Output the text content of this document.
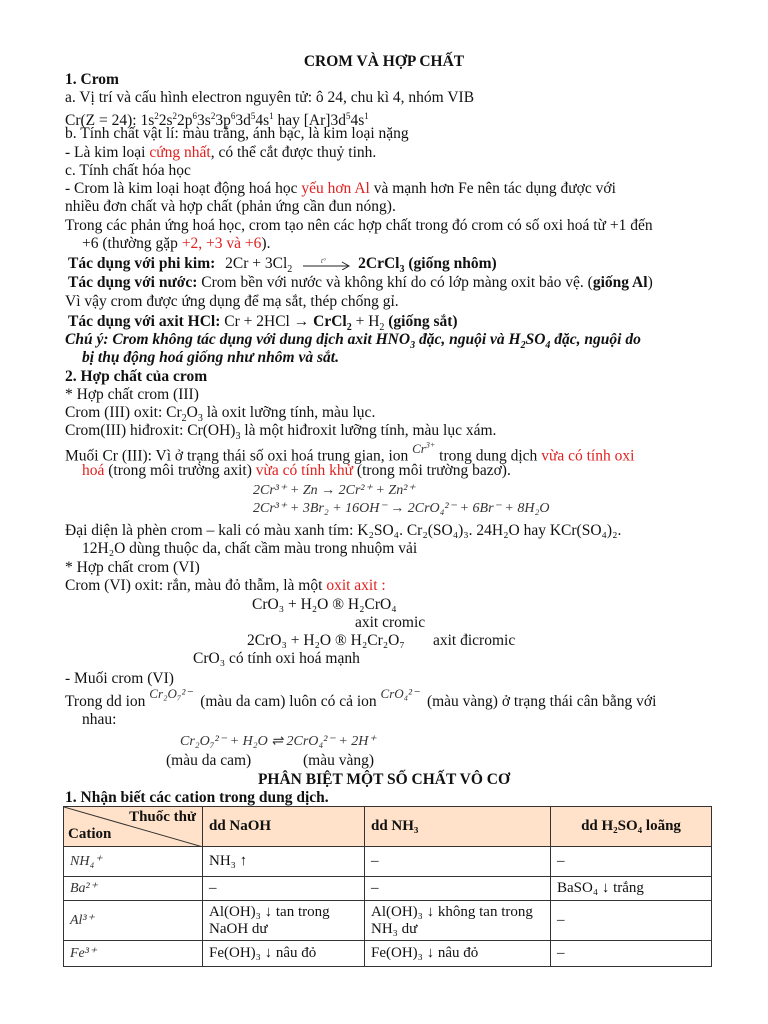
CROM VÀ HỢP CHẤT
1. Crom
a. Vị trí và cấu hình electron nguyên tử: ô 24, chu kì 4, nhóm VIB
Cr(Z = 24): $1s^22s^22p^63s^23p^63d^54s^1$ hay $[Ar]3d^54s^1$
b. Tính chất vật lí: màu trắng, ánh bạc, là kim loại nặng
- Là kim loại cứng nhất, có thể cắt được thuỷ tinh.
c. Tính chất hóa học
- Crom là kim loại hoạt động hoá học yếu hơn Al và mạnh hơn Fe nên tác dụng được với
nhiều đơn chất và hợp chất (phản ứng cần đun nóng).
Trong các phản ứng hoá học, crom tạo nên các hợp chất trong đó crom có số oxi hoá từ +1 đến
+6 (thường gặp +2, +3 và +6).
Tác dụng với phi kim: $2Cr + 3Cl_2$
t° 2CrCl$_3$ (giống nhôm)
Tác dụng với nước: Crom bền với nước và không khí do có lớp màng oxit bảo vệ. (giống Al)
Vì vậy crom được ứng dụng để mạ sắt, thép chống gỉ.
Tác dụng với axit HCl: Cr + 2HCl → CrCl$_2$ + $H_2$ (giống sắt)
Chú ý: Crom không tác dụng với dung dịch axit $HNO_3$ đặc, nguội và $H_2SO_4$ đặc, nguội do
bị thụ động hoá giống như nhôm và sắt.
2. Hợp chất của crom
* Hợp chất crom (III)
Crom (III) oxit: $Cr_2O_3$ là oxit lưỡng tính, màu lục.
Crom(III) hiđroxit: $Cr(OH)_3$ là một hiđroxit lưỡng tính, màu lục xám.
Muối Cr (III): Vì ở trạng thái số oxi hoá trung gian, ion $^{Cr^{3+}}$ trong dung dịch vừa có tính oxi
hoá (trong môi trường axit) vừa có tính khử (trong môi trường bazơ).
2Cr³⁺ + Zn → 2Cr²⁺ + Zn²⁺
2Cr³⁺ + 3Br₂ + 16OH⁻ → 2CrO₄²⁻ + 6Br⁻ + 8H₂O
Đại diện là phèn crom – kali có màu xanh tím: K₂SO₄. Cr₂(SO₄)₃. 24H₂O hay KCr(SO₄)₂.
12H₂O dùng thuộc da, chất cầm màu trong nhuộm vải
* Hợp chất crom (VI)
Crom (VI) oxit: rắn, màu đỏ thẫm, là một oxit axit :
CrO₃ + H₂O ® H₂CrO₄
axit cromic
2CrO₃ + H₂O ® H₂Cr₂O₇ axit đicromic
CrO₃ có tính oxi hoá mạnh
- Muối crom (VI)
Trong dd ion $^{Cr_2O_7^{2-}}$ (màu da cam) luôn có cả ion $^{CrO_4^{2-}}$ (màu vàng) ở trạng thái cân bằng với
nhau:
Cr₂O₇²⁻ + H₂O ⇌ 2CrO₄²⁻ + 2H⁺
(màu da cam)	(màu vàng)
PHÂN BIỆT MỘT SỐ CHẤT VÔ CƠ
1. Nhận biết các cation trong dung dịch.
Thuốc thử
Cation	dd NaOH	dd NH₃	dd H₂SO₄ loãng
NH₄⁺	NH₃ ↑	–	–
Ba²⁺	–	–	BaSO₄ ↓ trắng
Al³⁺	Al(OH)₃ ↓ tan trong NaOH dư	Al(OH)₃ ↓ không tan trong NH₃ dư	–
Fe³⁺	Fe(OH)₃ ↓ nâu đỏ	Fe(OH)₃ ↓ nâu đỏ	–
